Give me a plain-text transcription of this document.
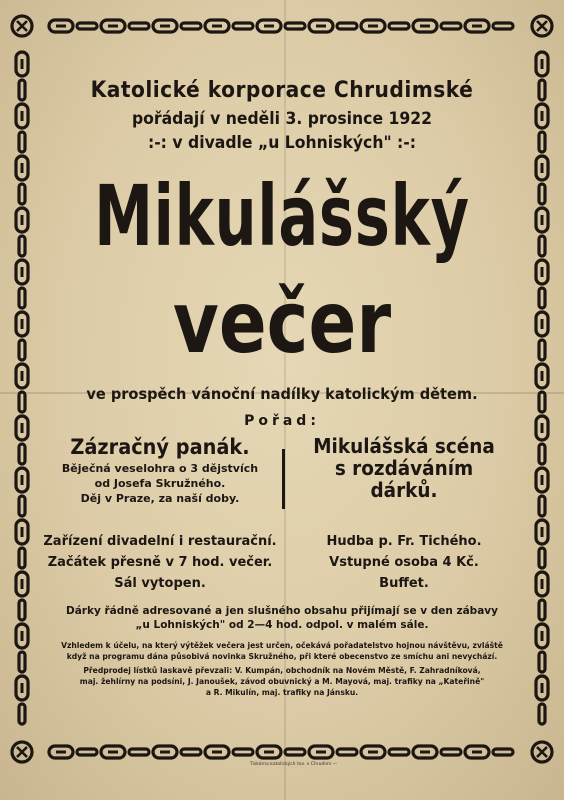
Katolické korporace Chrudimské
pořádají v neděli 3. prosince 1922
:-: v divadle „u Lohniských" :-:
Mikulášský
večer
ve prospěch vánoční nadílky katolickým dětem.
Pořad:
Zázračný panák.
Běječná veselohra o 3 dějstvích
od Josefa Skružného.
Děj v Praze, za naší doby.
Mikulášská scéna
s rozdáváním
dárků.
Zařízení divadelní i restaurační.
Začátek přesně v 7 hod. večer.
Sál vytopen.
Hudba p. Fr. Tichého.
Vstupné osoba 4 Kč.
Buffet.
Dárky řádně adresované a jen slušného obsahu přijímají se v den zábavy
„u Lohniských" od 2—4 hod. odpol. v malém sále.

Vzhledem k účelu, na který výtěžek večera jest určen, očekává pořadatelstvo hojnou návštěvu, zvláště
když na programu dána působivá novinka Skružného, při které obecenstvo ze smíchu ani nevychází.

Předprodej lístků laskavě převzali: V. Kumpán, obchodník na Novém Městě, F. Zahradníková,
maj. žehlírny na podsíni, J. Janoušek, závod obuvnický a M. Mayová, maj. trafiky na „Kateřině"
a R. Mikulín, maj. trafiky na Jánsku.

Tiskárna katolických tov. v Chrudimi —
